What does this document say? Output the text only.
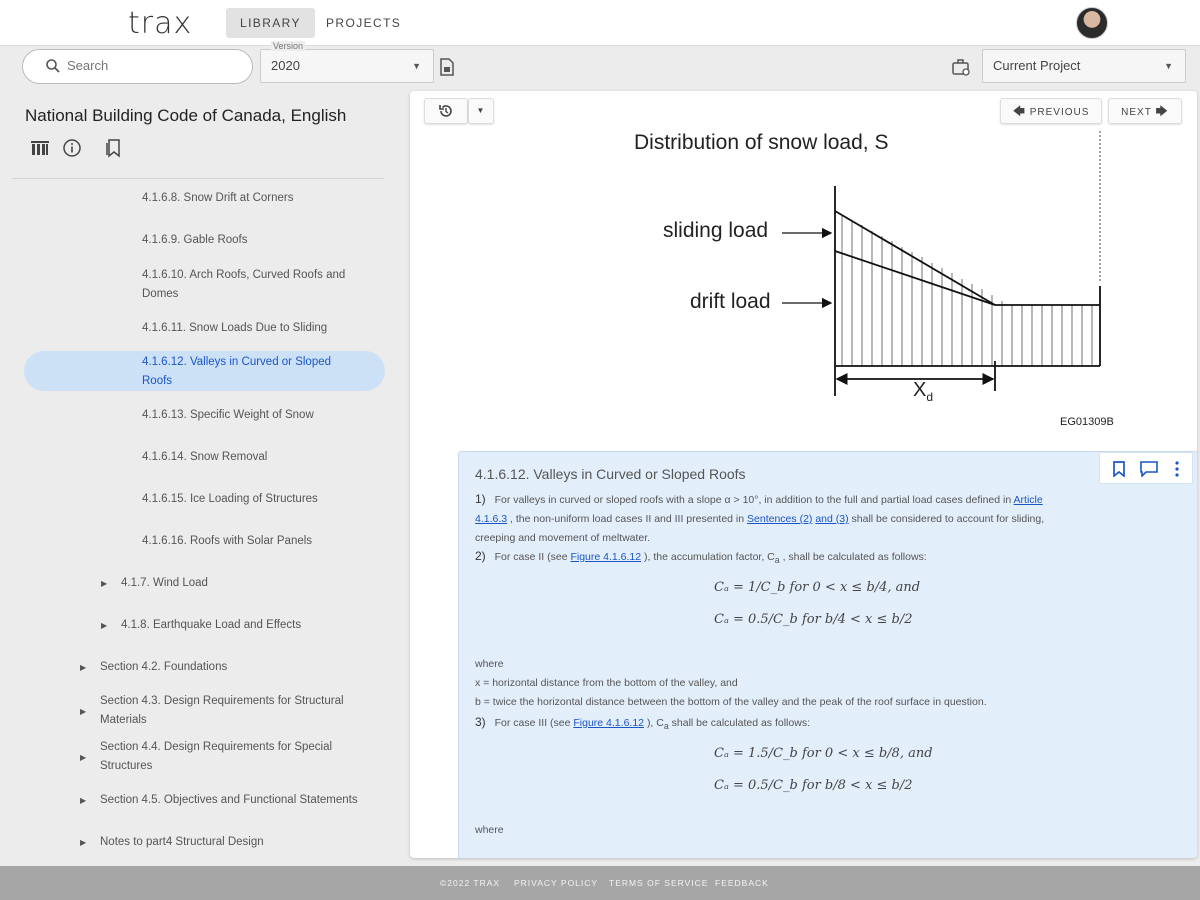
trax	LIBRARY	PROJECTS
Search
Version
2020	▼	Current Project	▼
National Building Code of Canada, English
4.1.6.8. Snow Drift at Corners
4.1.6.9. Gable Roofs
4.1.6.10. Arch Roofs, Curved Roofs and Domes
4.1.6.11. Snow Loads Due to Sliding
4.1.6.12. Valleys in Curved or Sloped Roofs
4.1.6.13. Specific Weight of Snow
4.1.6.14. Snow Removal
4.1.6.15. Ice Loading of Structures
4.1.6.16. Roofs with Solar Panels
▶ 4.1.7. Wind Load
▶ 4.1.8. Earthquake Load and Effects
▶ Section 4.2. Foundations
▶
Section 4.3. Design Requirements for Structural Materials
▶
Section 4.4. Design Requirements for Special Structures
▶ Section 4.5. Objectives and Functional Statements
▶ Notes to part4 Structural Design
▼	🡄 PREVIOUS	NEXT 🡆
Distribution of snow load, S
sliding load
drift load
$X_d$
EG01309B
4.1.6.12. Valleys in Curved or Sloped Roofs
1) For valleys in curved or sloped roofs with a slope α > 10°, in addition to the full and partial load cases defined in Article
4.1.6.3 , the non-uniform load cases II and III presented in Sentences (2) and (3) shall be considered to account for sliding,
creeping and movement of meltwater.
2) For case II (see Figure 4.1.6.12 ), the accumulation factor, $C_a$ , shall be calculated as follows:
Cₐ = 1/C_b for 0 < x ≤ b/4, and
Cₐ = 0.5/C_b for b/4 < x ≤ b/2
where
x = horizontal distance from the bottom of the valley, and
b = twice the horizontal distance between the bottom of the valley and the peak of the roof surface in question.
3) For case III (see Figure 4.1.6.12 ), $C_a$ shall be calculated as follows:
Cₐ = 1.5/C_b for 0 < x ≤ b/8, and
Cₐ = 0.5/C_b for b/8 < x ≤ b/2
where
©2022 TRAX PRIVACY POLICY TERMS OF SERVICE FEEDBACK
